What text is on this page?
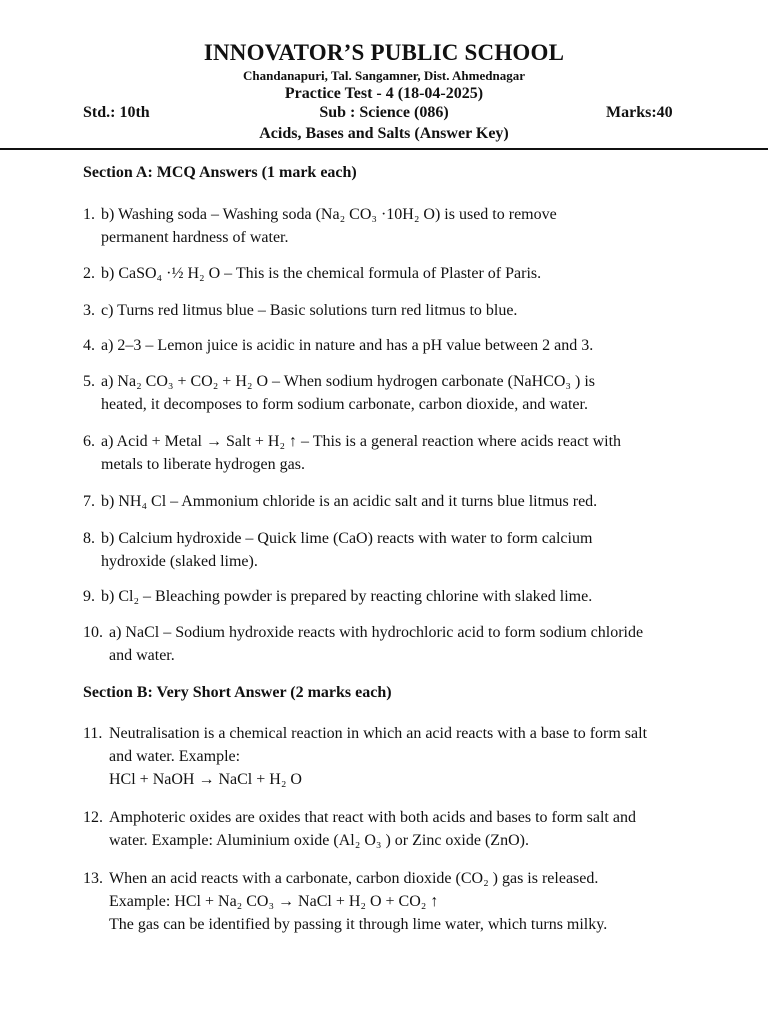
INNOVATOR’S PUBLIC SCHOOL
Chandanapuri, Tal. Sangamner, Dist. Ahmednagar
Practice Test - 4 (18-04-2025)
Std.: 10th	Sub : Science (086)	Marks:40
Acids, Bases and Salts (Answer Key)
Section A: MCQ Answers (1 mark each)
1. b) Washing soda – Washing soda (Na₂ CO₃ ·10H₂ O) is used to remove
permanent hardness of water.
2. b) CaSO₄ ·½ H₂ O – This is the chemical formula of Plaster of Paris.
3. c) Turns red litmus blue – Basic solutions turn red litmus to blue.
4. a) 2–3 – Lemon juice is acidic in nature and has a pH value between 2 and 3.
5. a) Na₂ CO₃ + CO₂ + H₂ O – When sodium hydrogen carbonate (NaHCO₃ ) is
heated, it decomposes to form sodium carbonate, carbon dioxide, and water.
6. a) Acid + Metal → Salt + H₂ ↑ – This is a general reaction where acids react with
metals to liberate hydrogen gas.
7. b) NH₄ Cl – Ammonium chloride is an acidic salt and it turns blue litmus red.
8. b) Calcium hydroxide – Quick lime (CaO) reacts with water to form calcium
hydroxide (slaked lime).
9. b) Cl₂ – Bleaching powder is prepared by reacting chlorine with slaked lime.
10. a) NaCl – Sodium hydroxide reacts with hydrochloric acid to form sodium chloride
and water.
Section B: Very Short Answer (2 marks each)
11. Neutralisation is a chemical reaction in which an acid reacts with a base to form salt
and water. Example:
HCl + NaOH → NaCl + H₂ O
12. Amphoteric oxides are oxides that react with both acids and bases to form salt and
water. Example: Aluminium oxide (Al₂ O₃ ) or Zinc oxide (ZnO).
13. When an acid reacts with a carbonate, carbon dioxide (CO₂ ) gas is released.
Example: HCl + Na₂ CO₃ → NaCl + H₂ O + CO₂ ↑
The gas can be identified by passing it through lime water, which turns milky.
